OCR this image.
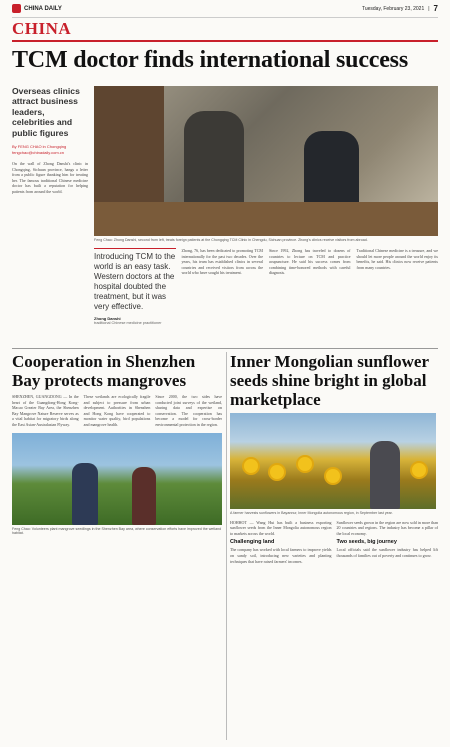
CHINA DAILY	Tuesday, February 23, 2021 | 7
CHINA
TCM doctor finds international success
Overseas clinics attract business leaders, celebrities and public figures
By FENG CHAO in Chongqing
fengchao@chinadaily.com.cn

On the wall of Zhong Danshi's clinic in Chongqing, Sichuan province, hangs a letter from a public figure thanking him for treating her. The famous traditional Chinese medicine doctor has built a reputation for helping patients from around the world.

Feng Chao: Zhong Danshi, second from left, treats foreign patients at the Chongqing TCM Clinic in Chengdu, Sichuan province. Zhong's clinics receive visitors from abroad.
Introducing TCM to the world is an easy task. Western doctors at the hospital doubted the treatment, but it was very effective.
Zhong Danshi
traditional Chinese medicine practitioner

Zhong, 76, has been dedicated to promoting TCM internationally for the past two decades. Over the years, his team has established clinics in several countries and received visitors from across the world who have sought his treatment.

Since 1992, Zhong has traveled to dozens of countries to lecture on TCM and practice acupuncture. He said his success comes from combining time-honored methods with careful diagnosis.

Traditional Chinese medicine is a treasure, and we should let more people around the world enjoy its benefits, he said. His clinics now receive patients from many countries.

Cooperation in Shenzhen Bay protects mangroves

SHENZHEN, GUANGDONG — In the heart of the Guangdong-Hong Kong-Macao Greater Bay Area, the Shenzhen Bay Mangrove Nature Reserve serves as a vital habitat for migratory birds along the East Asian-Australasian Flyway.

These wetlands are ecologically fragile and subject to pressure from urban development. Authorities in Shenzhen and Hong Kong have cooperated to monitor water quality, bird populations and mangrove health.

Since 2000, the two sides have conducted joint surveys of the wetland, sharing data and expertise on conservation. The cooperation has become a model for cross-border environmental protection in the region.

Feng Chao: Volunteers plant mangrove seedlings in the Shenzhen Bay area, where conservation efforts have improved the wetland habitat.
Inner Mongolian sunflower seeds shine bright in global marketplace
A farmer harvests sunflowers in Bayannur, Inner Mongolia autonomous region, in September last year.

HOHHOT — Wang Hui has built a business exporting sunflower seeds from the Inner Mongolia autonomous region to markets across the world.

Challenging land

The company has worked with local farmers to improve yields on sandy soil, introducing new varieties and planting techniques that have raised farmers' incomes.

Sunflower seeds grown in the region are now sold in more than 20 countries and regions. The industry has become a pillar of the local economy.

Two seeds, big journey

Local officials said the sunflower industry has helped lift thousands of families out of poverty and continues to grow.
